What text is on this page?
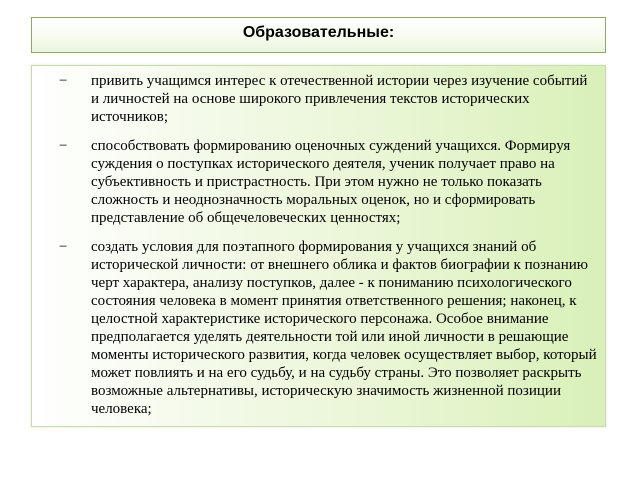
Образовательные:
− привить учащимся интерес к отечественной истории через изучение событий и личностей на основе широкого привлечения текстов исторических источников;
− способствовать формированию оценочных суждений учащихся. Формируя суждения о поступках исторического деятеля, ученик получает право на субъективность и пристрастность. При этом нужно не только показать сложность и неоднозначность моральных оценок, но и сформировать представление об общечеловеческих ценностях;
− создать условия для поэтапного формирования у учащихся знаний об исторической личности: от внешнего облика и фактов биографии к познанию черт характера, анализу поступков, далее - к пониманию психологического состояния человека в момент принятия ответственного решения; наконец, к целостной характеристике исторического персонажа. Особое внимание предполагается уделять деятельности той или иной личности в решающие моменты исторического развития, когда человек осуществляет выбор, который может повлиять и на его судьбу, и на судьбу страны. Это позволяет раскрыть возможные альтернативы, историческую значимость жизненной позиции человека;
